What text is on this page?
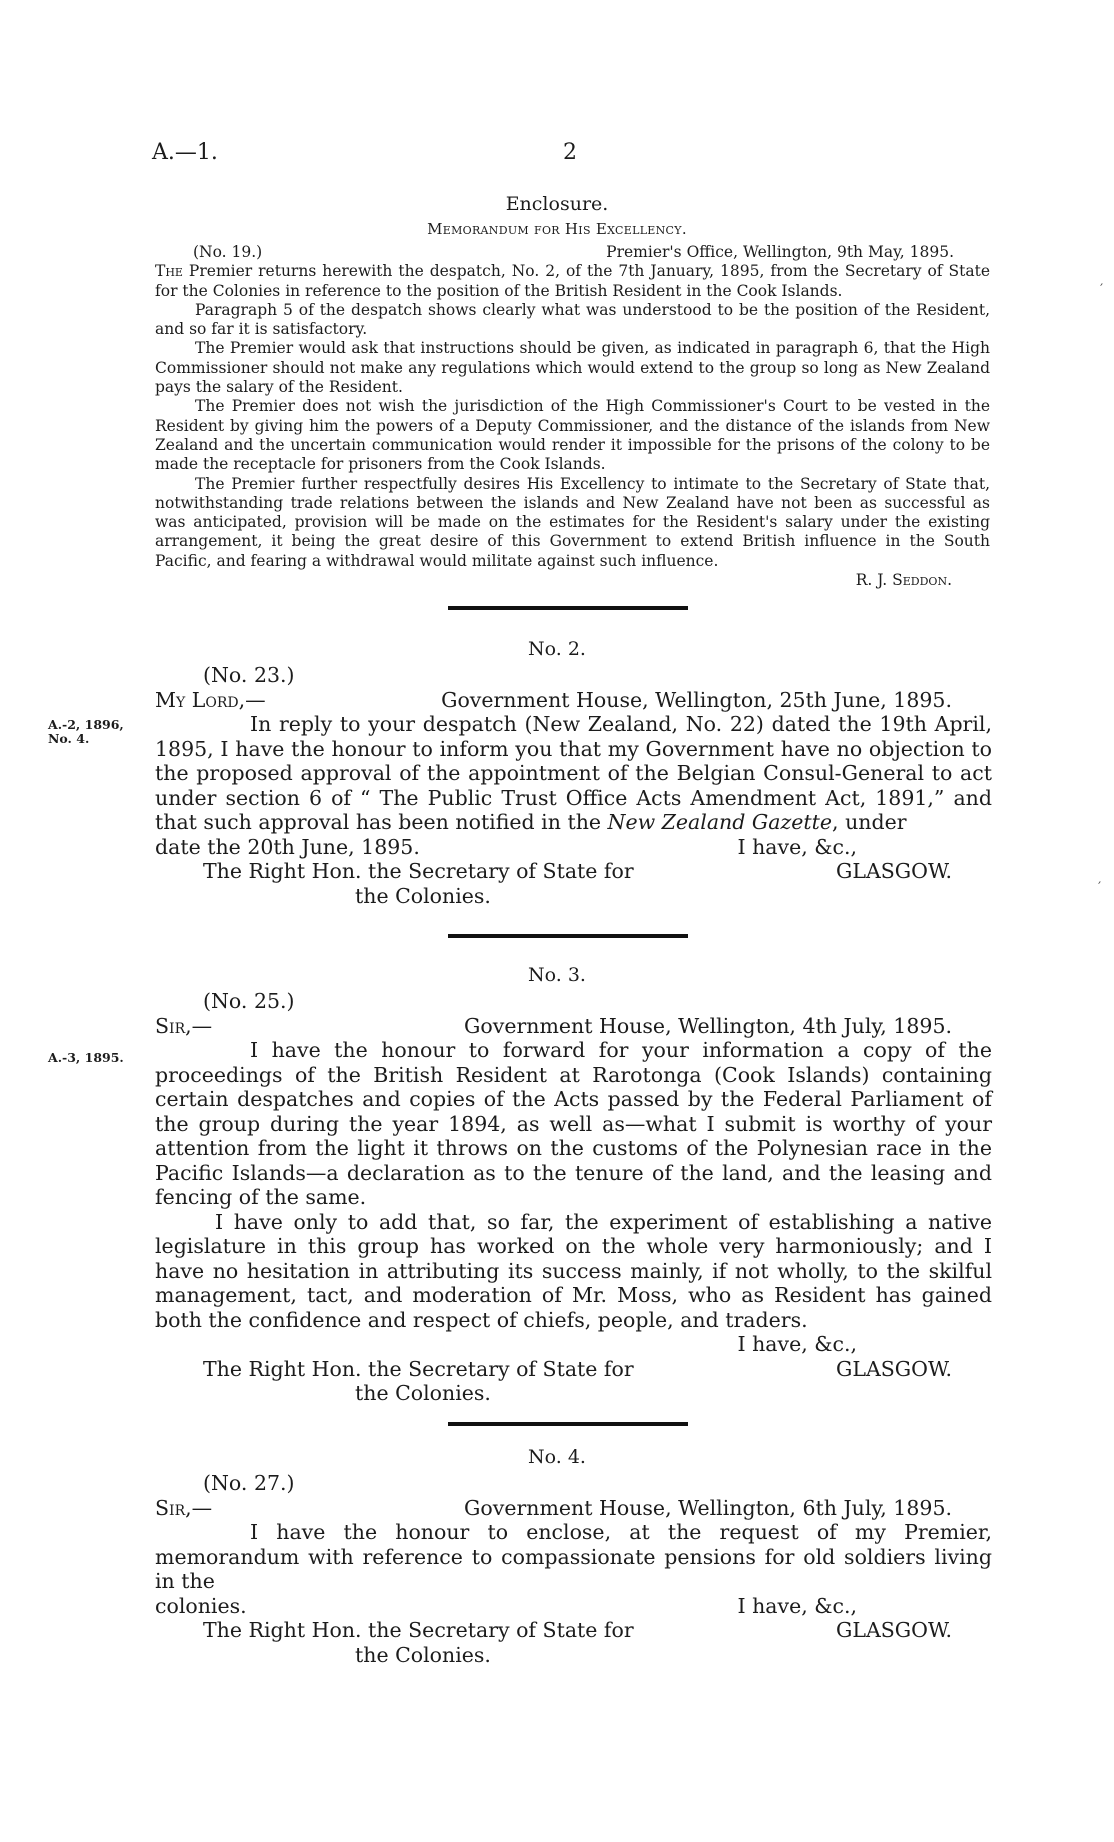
A.—1.	2
Enclosure.
Memorandum for His Excellency.
(No. 19.)	Premier's Office, Wellington, 9th May, 1895.

The Premier returns herewith the despatch, No. 2, of the 7th January, 1895, from the Secretary of State for the Colonies in reference to the position of the British Resident in the Cook Islands.

Paragraph 5 of the despatch shows clearly what was understood to be the position of the Resident, and so far it is satisfactory.

The Premier would ask that instructions should be given, as indicated in paragraph 6, that the High Commissioner should not make any regulations which would extend to the group so long as New Zealand pays the salary of the Resident.

The Premier does not wish the jurisdiction of the High Commissioner's Court to be vested in the Resident by giving him the powers of a Deputy Commissioner, and the distance of the islands from New Zealand and the uncertain communication would render it impossible for the prisons of the colony to be made the receptacle for prisoners from the Cook Islands.

The Premier further respectfully desires His Excellency to intimate to the Secretary of State that, notwithstanding trade relations between the islands and New Zealand have not been as successful as was anticipated, provision will be made on the estimates for the Resident's salary under the existing arrangement, it being the great desire of this Government to extend British influence in the South Pacific, and fearing a withdrawal would militate against such influence.

R. J. Seddon.

No. 2.
A.-2, 1896,
No. 4.
(No. 23.)
My Lord,—	Government House, Wellington, 25th June, 1895.

In reply to your despatch (New Zealand, No. 22) dated the 19th April, 1895, I have the honour to inform you that my Government have no objection to the proposed approval of the appointment of the Belgian Consul-General to act under section 6 of “ The Public Trust Office Acts Amendment Act, 1891,” and that such approval has been notified in the New Zealand Gazette, under

date the 20th June, 1895.	I have, &c.,
The Right Hon. the Secretary of State for	GLASGOW.
the Colonies.
No. 3.
A.-3, 1895.
(No. 25.)
Sir,—	Government House, Wellington, 4th July, 1895.

I have the honour to forward for your information a copy of the proceedings of the British Resident at Rarotonga (Cook Islands) containing certain despatches and copies of the Acts passed by the Federal Parliament of the group during the year 1894, as well as—what I submit is worthy of your attention from the light it throws on the customs of the Polynesian race in the Pacific Islands—a declaration as to the tenure of the land, and the leasing and fencing of the same.

I have only to add that, so far, the experiment of establishing a native legislature in this group has worked on the whole very harmoniously; and I have no hesitation in attributing its success mainly, if not wholly, to the skilful management, tact, and moderation of Mr. Moss, who as Resident has gained both the confidence and respect of chiefs, people, and traders.

I have, &c.,
The Right Hon. the Secretary of State for	GLASGOW.
the Colonies.
No. 4.
(No. 27.)
Sir,—	Government House, Wellington, 6th July, 1895.

I have the honour to enclose, at the request of my Premier, memorandum with reference to compassionate pensions for old soldiers living in the

colonies.	I have, &c.,
The Right Hon. the Secretary of State for	GLASGOW.
the Colonies.
′
′
